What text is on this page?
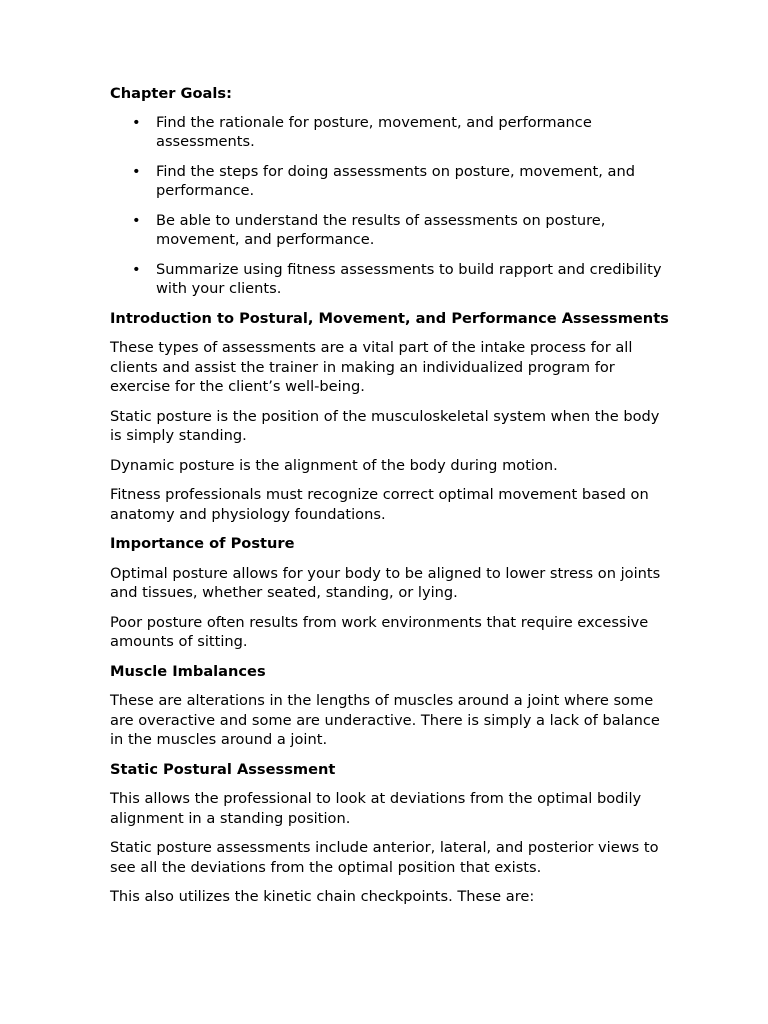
Chapter Goals:
• Find the rationale for posture, movement, and performance assessments.
• Find the steps for doing assessments on posture, movement, and performance.
• Be able to understand the results of assessments on posture, movement, and performance.
• Summarize using fitness assessments to build rapport and credibility with your clients.
Introduction to Postural, Movement, and Performance Assessments

These types of assessments are a vital part of the intake process for all clients and assist the trainer in making an individualized program for exercise for the client’s well-being.

Static posture is the position of the musculoskeletal system when the body is simply standing.

Dynamic posture is the alignment of the body during motion.

Fitness professionals must recognize correct optimal movement based on anatomy and physiology foundations.

Importance of Posture

Optimal posture allows for your body to be aligned to lower stress on joints and tissues, whether seated, standing, or lying.

Poor posture often results from work environments that require excessive amounts of sitting.

Muscle Imbalances

These are alterations in the lengths of muscles around a joint where some are overactive and some are underactive. There is simply a lack of balance in the muscles around a joint.

Static Postural Assessment

This allows the professional to look at deviations from the optimal bodily alignment in a standing position.

Static posture assessments include anterior, lateral, and posterior views to see all the deviations from the optimal position that exists.

This also utilizes the kinetic chain checkpoints. These are:
